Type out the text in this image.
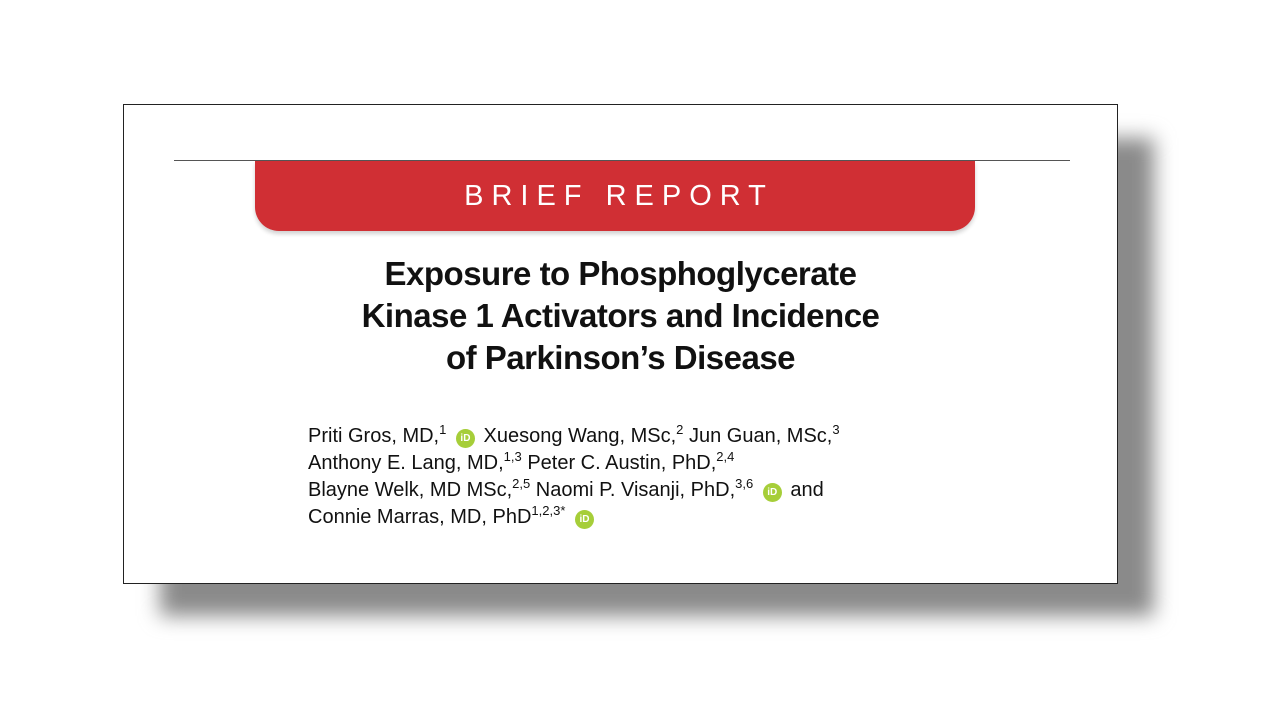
BRIEF REPORT
Exposure to Phosphoglycerate
Kinase 1 Activators and Incidence
of Parkinson’s Disease
Priti Gros, MD,$^1$ iD Xuesong Wang, MSc,$^2$ Jun Guan, MSc,$^3$
Anthony E. Lang, MD,$^{1,3}$ Peter C. Austin, PhD,$^{2,4}$
Blayne Welk, MD MSc,$^{2,5}$ Naomi P. Visanji, PhD,$^{3,6}$ iD and
Connie Marras, MD, PhD$^{1,2,3*}$ iD
